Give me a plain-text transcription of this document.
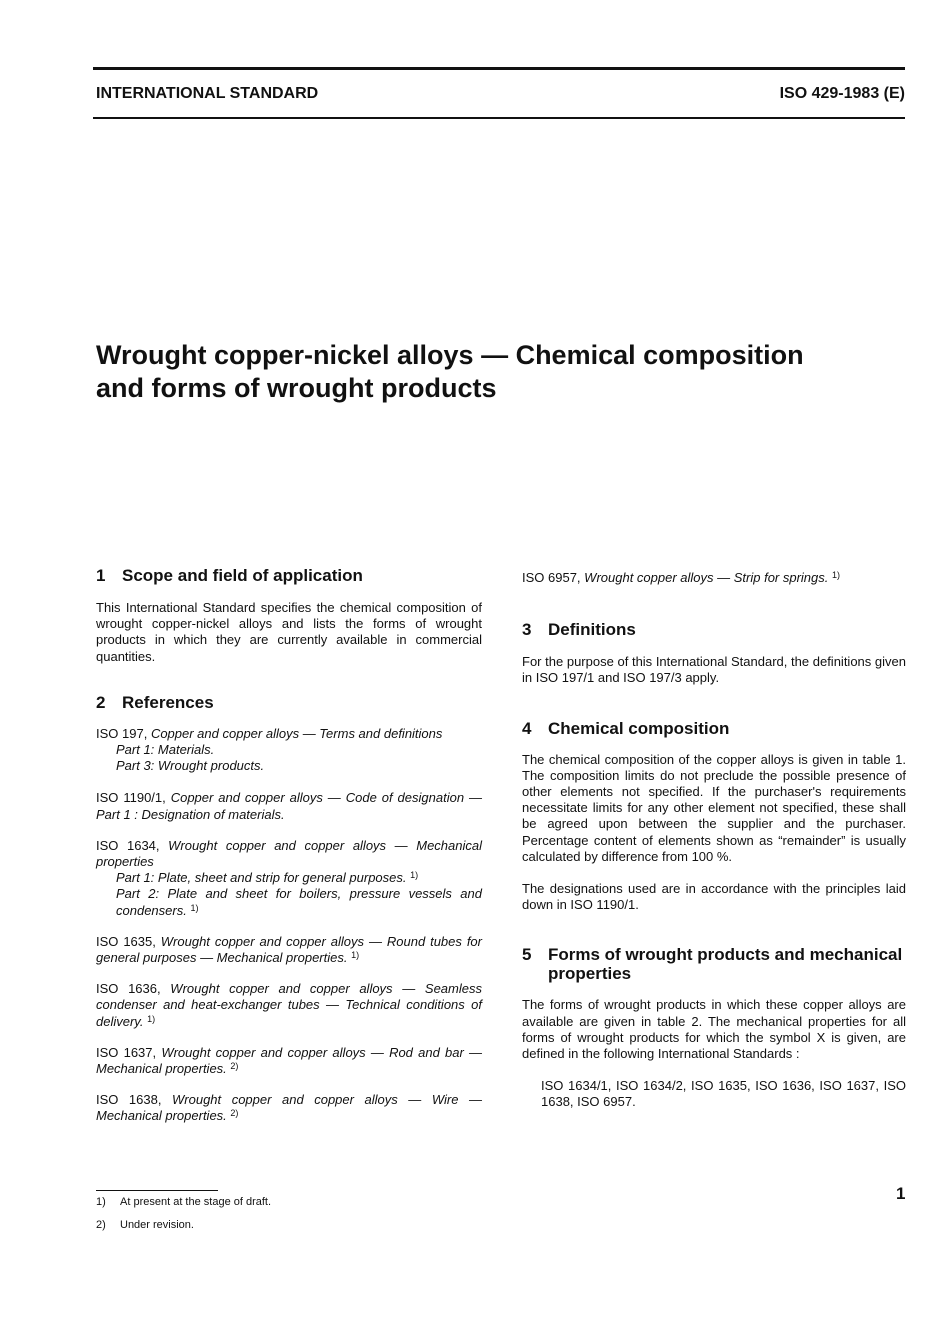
INTERNATIONAL STANDARD	ISO 429-1983 (E)
Wrought copper-nickel alloys — Chemical composition
and forms of wrought products
1 Scope and field of application

This International Standard specifies the chemical composition of wrought copper-nickel alloys and lists the forms of wrought products in which they are currently available in commercial quantities.

2 References
ISO 197, Copper and copper alloys — Terms and definitions
Part 1: Materials.
Part 3: Wrought products.
ISO 1190/1, Copper and copper alloys — Code of designation — Part 1 : Designation of materials.
ISO 1634, Wrought copper and copper alloys — Mechanical properties
Part 1: Plate, sheet and strip for general purposes. $^{1)}$
Part 2: Plate and sheet for boilers, pressure vessels and condensers. $^{1)}$
ISO 1635, Wrought copper and copper alloys — Round tubes for general purposes — Mechanical properties. $^{1)}$
ISO 1636, Wrought copper and copper alloys — Seamless condenser and heat-exchanger tubes — Technical conditions of delivery. $^{1)}$
ISO 1637, Wrought copper and copper alloys — Rod and bar — Mechanical properties. $^{2)}$
ISO 1638, Wrought copper and copper alloys — Wire — Mechanical properties. $^{2)}$
ISO 6957, Wrought copper alloys — Strip for springs. $^{1)}$
3 Definitions

For the purpose of this International Standard, the definitions given in ISO 197/1 and ISO 197/3 apply.

4 Chemical composition

The chemical composition of the copper alloys is given in table 1. The composition limits do not preclude the possible presence of other elements not specified. If the purchaser's requirements necessitate limits for any other element not specified, these shall be agreed upon between the supplier and the purchaser. Percentage content of elements shown as “remainder” is usually calculated by difference from 100 %.

The designations used are in accordance with the principles laid down in ISO 1190/1.

5 Forms of wrought products and mechanical properties

The forms of wrought products in which these copper alloys are available are given in table 2. The mechanical properties for all forms of wrought products for which the symbol X is given, are defined in the following International Standards :

ISO 1634/1, ISO 1634/2, ISO 1635, ISO 1636, ISO 1637, ISO 1638, ISO 6957.

1) At present at the stage of draft.
2) Under revision.
1
